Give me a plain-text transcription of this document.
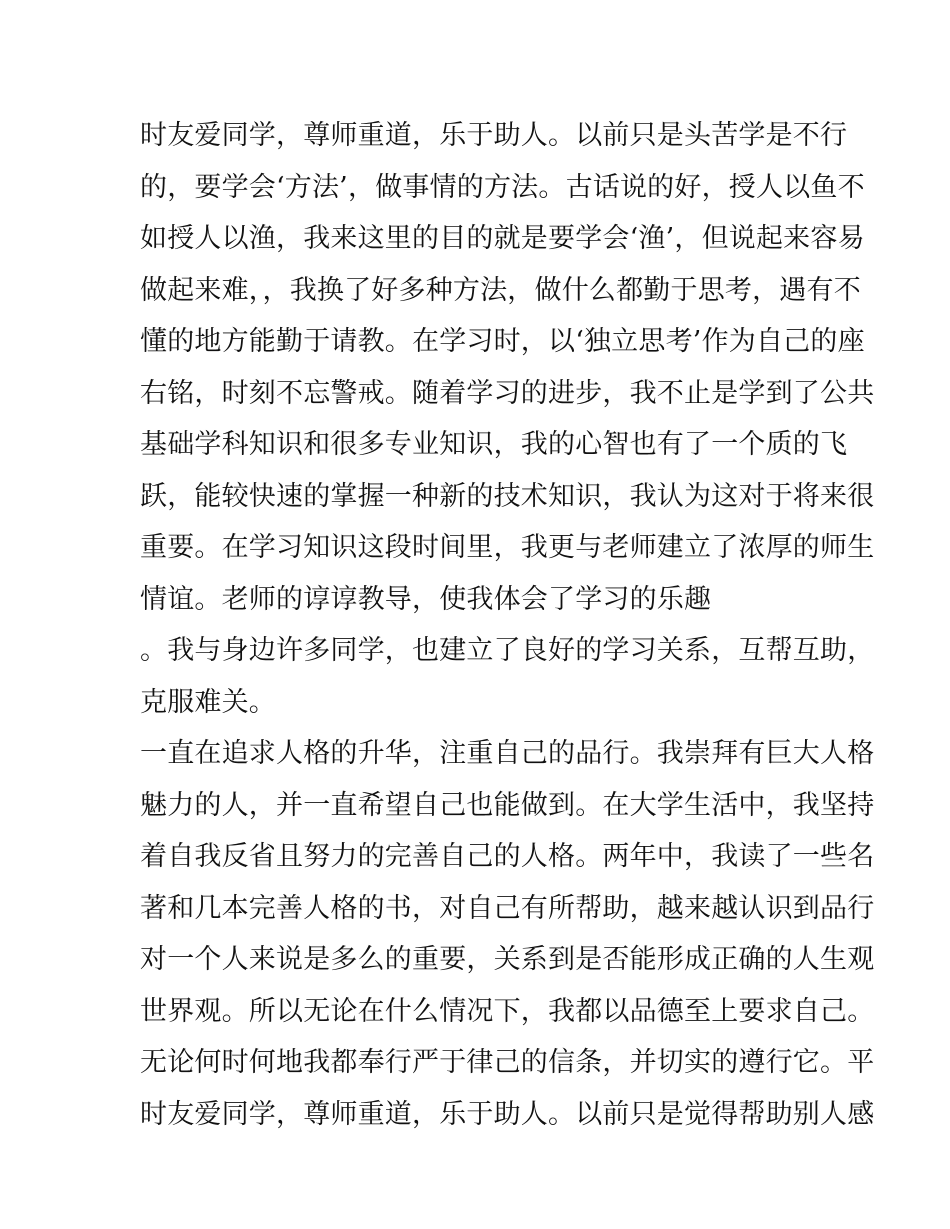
时友爱同学，尊师重道，乐于助人。以前只是头苦学是不行
的，要学会‘方法’，做事情的方法。古话说的好，授人以鱼不
如授人以渔，我来这里的目的就是要学会‘渔’，但说起来容易
做起来难，，我换了好多种方法，做什么都勤于思考，遇有不
懂的地方能勤于请教。在学习时，以‘独立思考’作为自己的座
右铭，时刻不忘警戒。随着学习的进步，我不止是学到了公共
基础学科知识和很多专业知识，我的心智也有了一个质的飞
跃，能较快速的掌握一种新的技术知识，我认为这对于将来很
重要。在学习知识这段时间里，我更与老师建立了浓厚的师生
情谊。老师的谆谆教导，使我体会了学习的乐趣
。我与身边许多同学，也建立了良好的学习关系，互帮互助，
克服难关。
一直在追求人格的升华，注重自己的品行。我崇拜有巨大人格
魅力的人，并一直希望自己也能做到。在大学生活中，我坚持
着自我反省且努力的完善自己的人格。两年中，我读了一些名
著和几本完善人格的书，对自己有所帮助，越来越认识到品行
对一个人来说是多么的重要，关系到是否能形成正确的人生观
世界观。所以无论在什么情况下，我都以品德至上要求自己。
无论何时何地我都奉行严于律己的信条，并切实的遵行它。平
时友爱同学，尊师重道，乐于助人。以前只是觉得帮助别人感
